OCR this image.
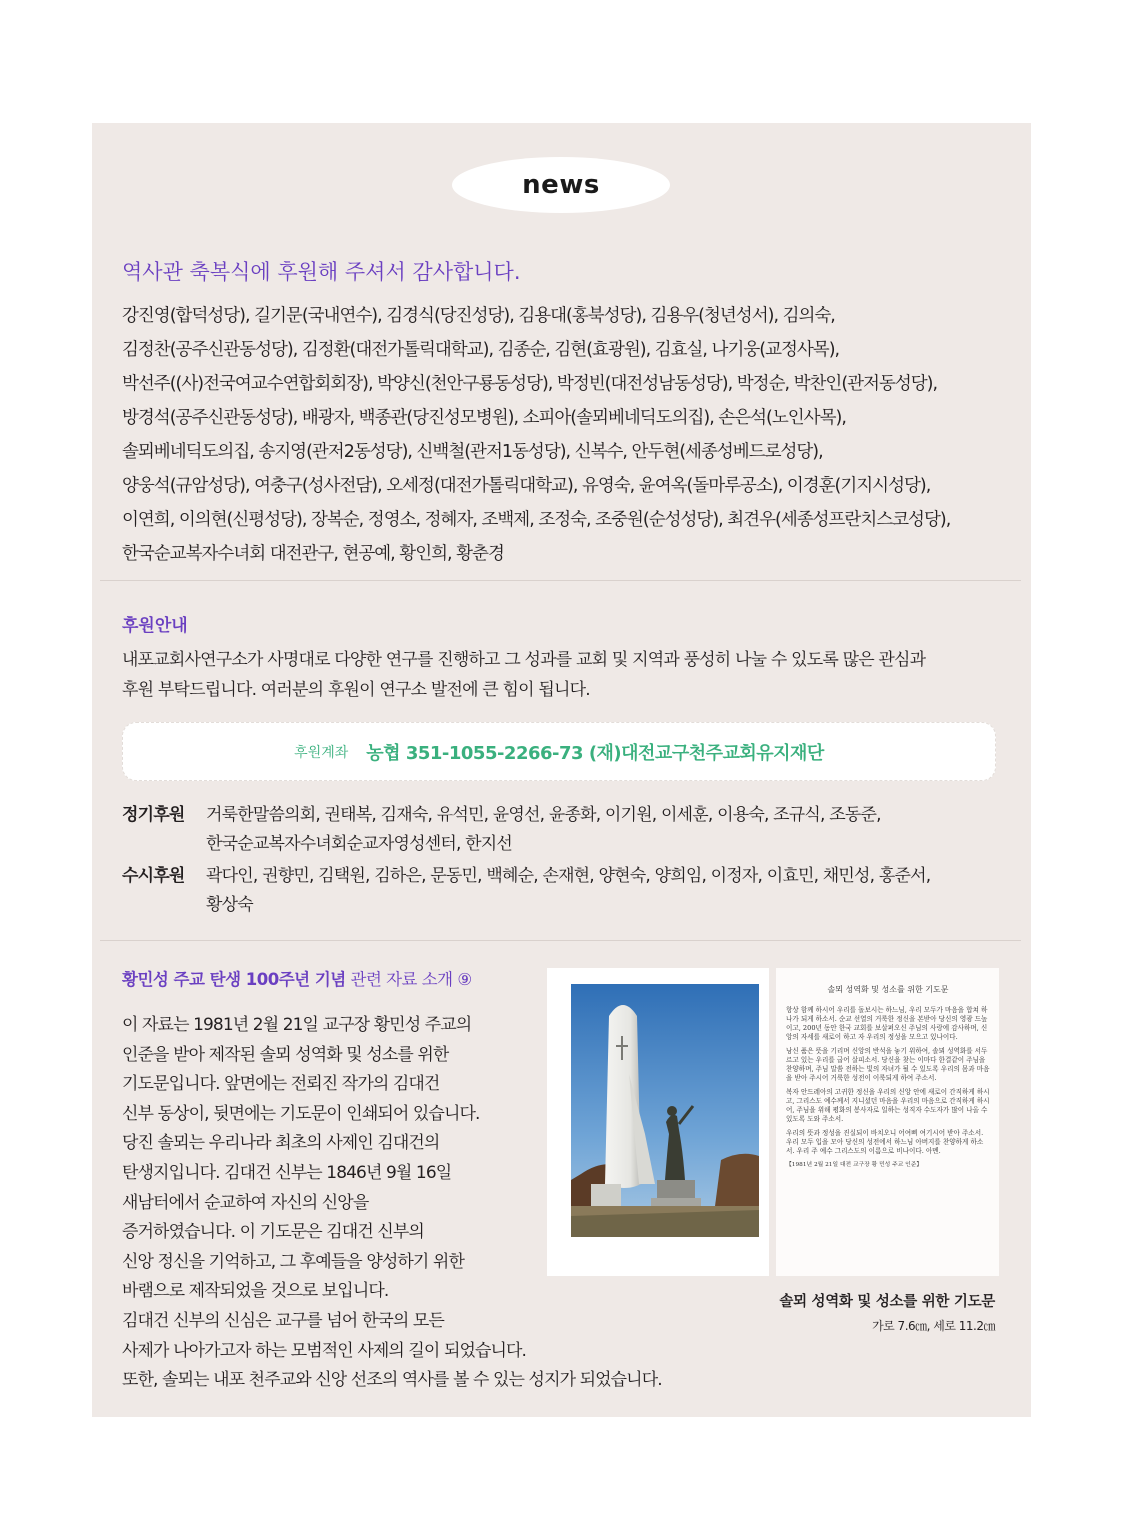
news
역사관 축복식에 후원해 주셔서 감사합니다.
강진영(합덕성당), 길기문(국내연수), 김경식(당진성당), 김용대(홍북성당), 김용우(청년성서), 김의숙,
김정찬(공주신관동성당), 김정환(대전가톨릭대학교), 김종순, 김현(효광원), 김효실, 나기웅(교정사목),
박선주((사)전국여교수연합회회장), 박양신(천안구룡동성당), 박정빈(대전성남동성당), 박정순, 박찬인(관저동성당),
방경석(공주신관동성당), 배광자, 백종관(당진성모병원), 소피아(솔뫼베네딕도의집), 손은석(노인사목),
솔뫼베네딕도의집, 송지영(관저2동성당), 신백철(관저1동성당), 신복수, 안두현(세종성베드로성당),
양웅석(규암성당), 여충구(성사전담), 오세정(대전가톨릭대학교), 유영숙, 윤여옥(돌마루공소), 이경훈(기지시성당),
이연희, 이의현(신평성당), 장복순, 정영소, 정혜자, 조백제, 조정숙, 조중원(순성성당), 최견우(세종성프란치스코성당),
한국순교복자수녀회 대전관구, 현공예, 황인희, 황춘경
후원안내
내포교회사연구소가 사명대로 다양한 연구를 진행하고 그 성과를 교회 및 지역과 풍성히 나눌 수 있도록 많은 관심과
후원 부탁드립니다. 여러분의 후원이 연구소 발전에 큰 힘이 됩니다.
후원계좌 농협 351-1055-2266-73 (재)대전교구천주교회유지재단
정기후원 거룩한말씀의회, 권태복, 김재숙, 유석민, 윤영선, 윤종화, 이기원, 이세훈, 이용숙, 조규식, 조동준,
한국순교복자수녀회순교자영성센터, 한지선
수시후원 곽다인, 권향민, 김택원, 김하은, 문동민, 백혜순, 손재현, 양현숙, 양희임, 이정자, 이효민, 채민성, 홍준서,
황상숙
황민성 주교 탄생 100주년 기념 관련 자료 소개 ⑨
이 자료는 1981년 2월 21일 교구장 황민성 주교의
인준을 받아 제작된 솔뫼 성역화 및 성소를 위한
기도문입니다. 앞면에는 전뢰진 작가의 김대건
신부 동상이, 뒷면에는 기도문이 인쇄되어 있습니다.
당진 솔뫼는 우리나라 최초의 사제인 김대건의
탄생지입니다. 김대건 신부는 1846년 9월 16일
새남터에서 순교하여 자신의 신앙을
증거하였습니다. 이 기도문은 김대건 신부의
신앙 정신을 기억하고, 그 후예들을 양성하기 위한
바램으로 제작되었을 것으로 보입니다.
김대건 신부의 신심은 교구를 넘어 한국의 모든
사제가 나아가고자 하는 모범적인 사제의 길이 되었습니다.
또한, 솔뫼는 내포 천주교와 신앙 선조의 역사를 볼 수 있는 성지가 되었습니다.
솔뫼 성역화 및 성소를 위한 기도문

항상 함께 하시어 우리를 돌보시는 하느님, 우리 모두가 마음을 합쳐 하나가 되게 하소서. 순교 선열의 거룩한 정신을 본받아 당신의 영광 드높이고, 200년 동안 한국 교회를 보살펴오신 주님의 사랑에 감사하며, 신앙의 자세를 새로이 하고 자 우리의 정성을 모으고 있나이다.

낭신 품은 뜻을 기리며 신앙의 반석을 놓기 위하여, 솔뫼 성역화를 서두르고 있는 우리를 굽어 살피소서. 당신을 찾는 이마다 한결같이 주님을 찬양하며, 주님 말씀 전하는 빛의 자녀가 될 수 있도록 우리의 몸과 마음을 받아 주시어 거룩한 성전이 이룩되게 하여 주소서.

복자 안드레아의 고귀한 정신을 우리의 신앙 안에 새로이 간직하게 하시고, 그리스도 예수께서 지니셨던 마음을 우리의 마음으로 간직하게 하시어, 주님을 위해 평화의 봉사자로 일하는 성직자 수도자가 많이 나올 수 있도록 도와 주소서.

우리의 뜻과 정성을 진실되이 바치오니 어여삐 여기시어 받아 주소서. 우리 모두 입을 모아 당신의 성전에서 하느님 아버지를 찬양하게 하소서. 우리 주 예수 그리스도의 이름으로 비나이다. 아멘.

【1981년 2월 21일 대전 교구장 황 민성 주교 인준】
솔뫼 성역화 및 성소를 위한 기도문
가로 7.6㎝, 세로 11.2㎝
